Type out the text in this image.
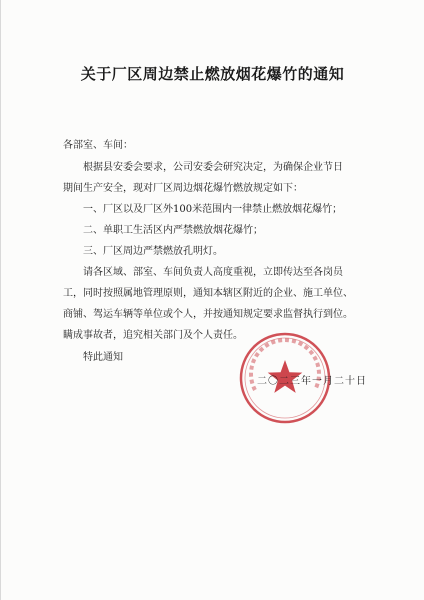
关于厂区周边禁止燃放烟花爆竹的通知
各部室、车间：
根据县安委会要求，公司安委会研究决定，为确保企业节日
期间生产安全，现对厂区周边烟花爆竹燃放规定如下：
一、厂区以及厂区外100米范围内一律禁止燃放烟花爆竹；
二、单职工生活区内严禁燃放烟花爆竹；
三、厂区周边严禁燃放孔明灯。
请各区域、部室、车间负责人高度重视，立即传达至各岗员
工，同时按照属地管理原则，通知本辖区附近的企业、施工单位、
商铺、驾运车辆等单位或个人，并按通知规定要求监督执行到位。
瞒成事故者，追究相关部门及个人责任。
特此通知
二〇二三年一月二十日
